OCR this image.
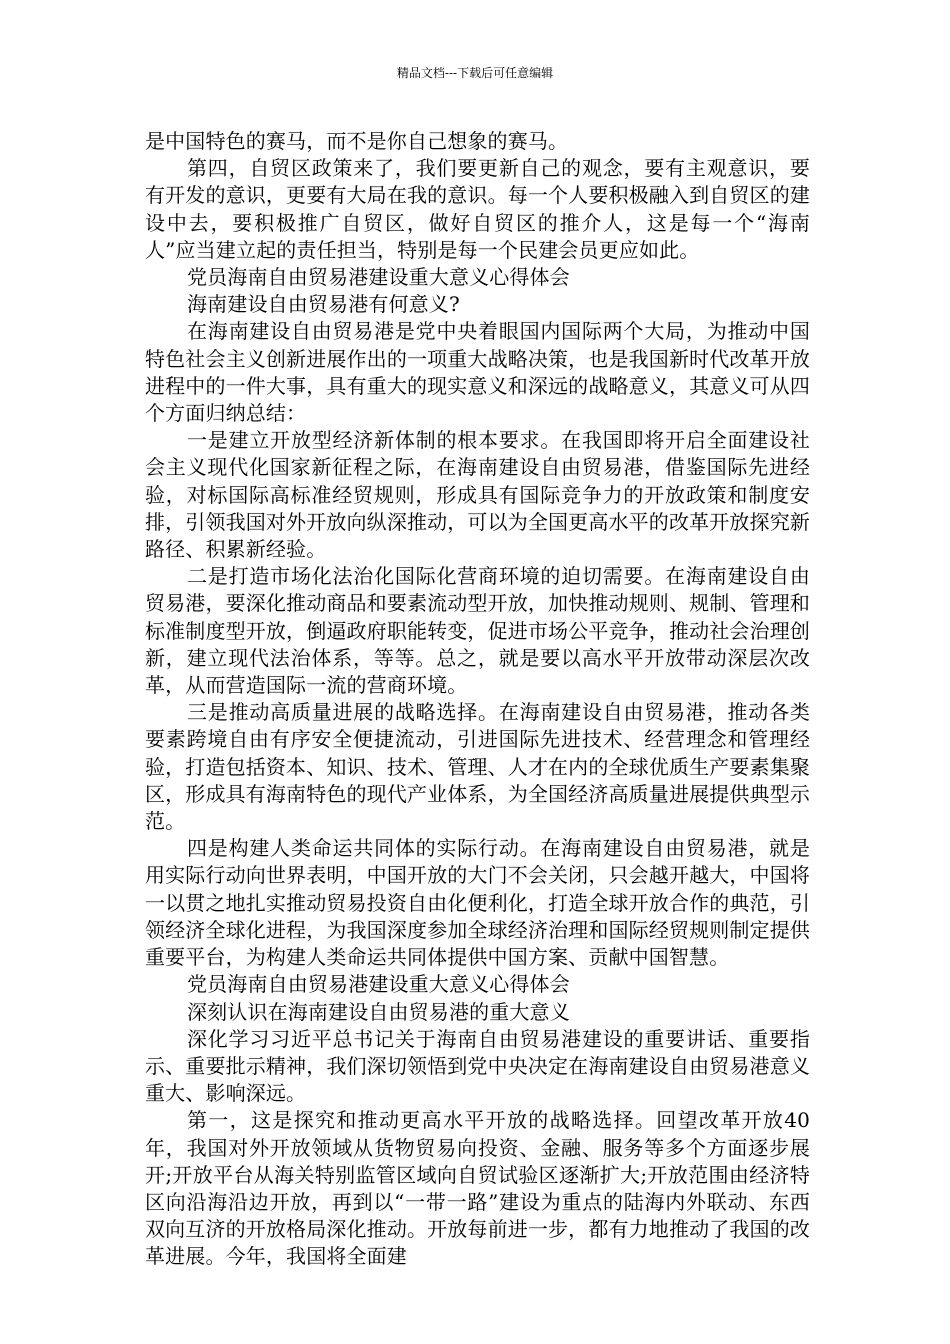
精品文档---下载后可任意编辑

是中国特色的赛马，而不是你自己想象的赛马。

第四，自贸区政策来了，我们要更新自己的观念，要有主观意识，要有开发的意识，更要有大局在我的意识。每一个人要积极融入到自贸区的建设中去，要积极推广自贸区，做好自贸区的推介人，这是每一个“海南人”应当建立起的责任担当，特别是每一个民建会员更应如此。

党员海南自由贸易港建设重大意义心得体会

海南建设自由贸易港有何意义?

在海南建设自由贸易港是党中央着眼国内国际两个大局，为推动中国特色社会主义创新进展作出的一项重大战略决策，也是我国新时代改革开放进程中的一件大事，具有重大的现实意义和深远的战略意义，其意义可从四个方面归纳总结：

一是建立开放型经济新体制的根本要求。在我国即将开启全面建设社会主义现代化国家新征程之际，在海南建设自由贸易港，借鉴国际先进经验，对标国际高标准经贸规则，形成具有国际竞争力的开放政策和制度安排，引领我国对外开放向纵深推动，可以为全国更高水平的改革开放探究新路径、积累新经验。

二是打造市场化法治化国际化营商环境的迫切需要。在海南建设自由贸易港，要深化推动商品和要素流动型开放，加快推动规则、规制、管理和标准制度型开放，倒逼政府职能转变，促进市场公平竞争，推动社会治理创新，建立现代法治体系，等等。总之，就是要以高水平开放带动深层次改革，从而营造国际一流的营商环境。

三是推动高质量进展的战略选择。在海南建设自由贸易港，推动各类要素跨境自由有序安全便捷流动，引进国际先进技术、经营理念和管理经验，打造包括资本、知识、技术、管理、人才在内的全球优质生产要素集聚区，形成具有海南特色的现代产业体系，为全国经济高质量进展提供典型示范。

四是构建人类命运共同体的实际行动。在海南建设自由贸易港，就是用实际行动向世界表明，中国开放的大门不会关闭，只会越开越大，中国将一以贯之地扎实推动贸易投资自由化便利化，打造全球开放合作的典范，引领经济全球化进程，为我国深度参加全球经济治理和国际经贸规则制定提供重要平台，为构建人类命运共同体提供中国方案、贡献中国智慧。

党员海南自由贸易港建设重大意义心得体会

深刻认识在海南建设自由贸易港的重大意义

深化学习习近平总书记关于海南自由贸易港建设的重要讲话、重要指示、重要批示精神，我们深切领悟到党中央决定在海南建设自由贸易港意义重大、影响深远。

第一，这是探究和推动更高水平开放的战略选择。回望改革开放40年，我国对外开放领域从货物贸易向投资、金融、服务等多个方面逐步展开;开放平台从海关特别监管区域向自贸试验区逐渐扩大;开放范围由经济特区向沿海沿边开放，再到以“一带一路”建设为重点的陆海内外联动、东西双向互济的开放格局深化推动。开放每前进一步，都有力地推动了我国的改革进展。今年，我国将全面建
